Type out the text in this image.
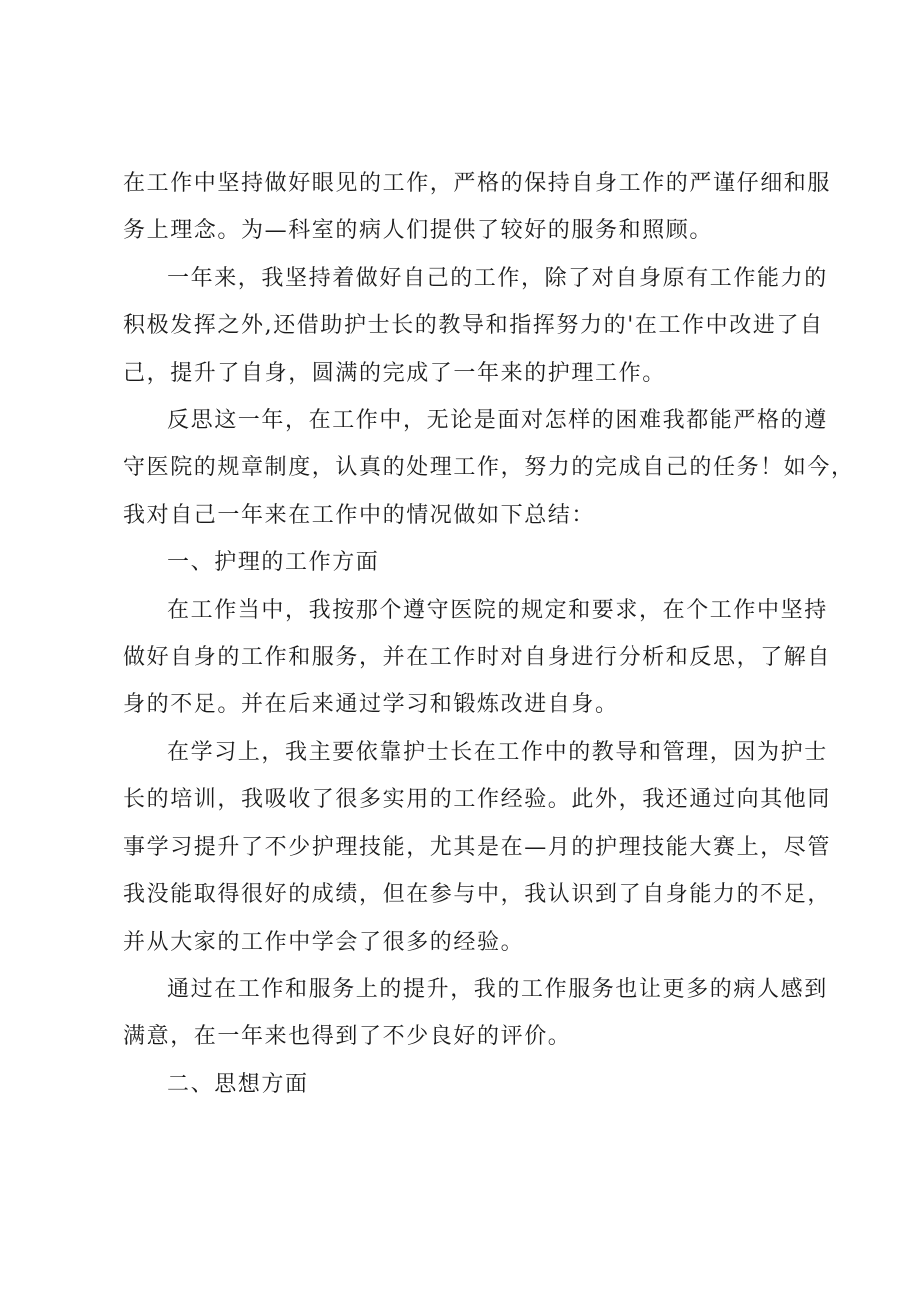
在工作中坚持做好眼见的工作，严格的保持自身工作的严谨仔细和服
务上理念。为—科室的病人们提供了较好的服务和照顾。

一年来，我坚持着做好自己的工作，除了对自身原有工作能力的
积极发挥之外,还借助护士长的教导和指挥努力的'在工作中改进了自
己，提升了自身，圆满的完成了一年来的护理工作。

反思这一年，在工作中，无论是面对怎样的困难我都能严格的遵
守医院的规章制度，认真的处理工作，努力的完成自己的任务！如今，
我对自己一年来在工作中的情况做如下总结：

一、护理的工作方面

在工作当中，我按那个遵守医院的规定和要求，在个工作中坚持
做好自身的工作和服务，并在工作时对自身进行分析和反思，了解自
身的不足。并在后来通过学习和锻炼改进自身。

在学习上，我主要依靠护士长在工作中的教导和管理，因为护士
长的培训，我吸收了很多实用的工作经验。此外，我还通过向其他同
事学习提升了不少护理技能，尤其是在—月的护理技能大赛上，尽管
我没能取得很好的成绩，但在参与中，我认识到了自身能力的不足，
并从大家的工作中学会了很多的经验。

通过在工作和服务上的提升，我的工作服务也让更多的病人感到
满意，在一年来也得到了不少良好的评价。

二、思想方面
